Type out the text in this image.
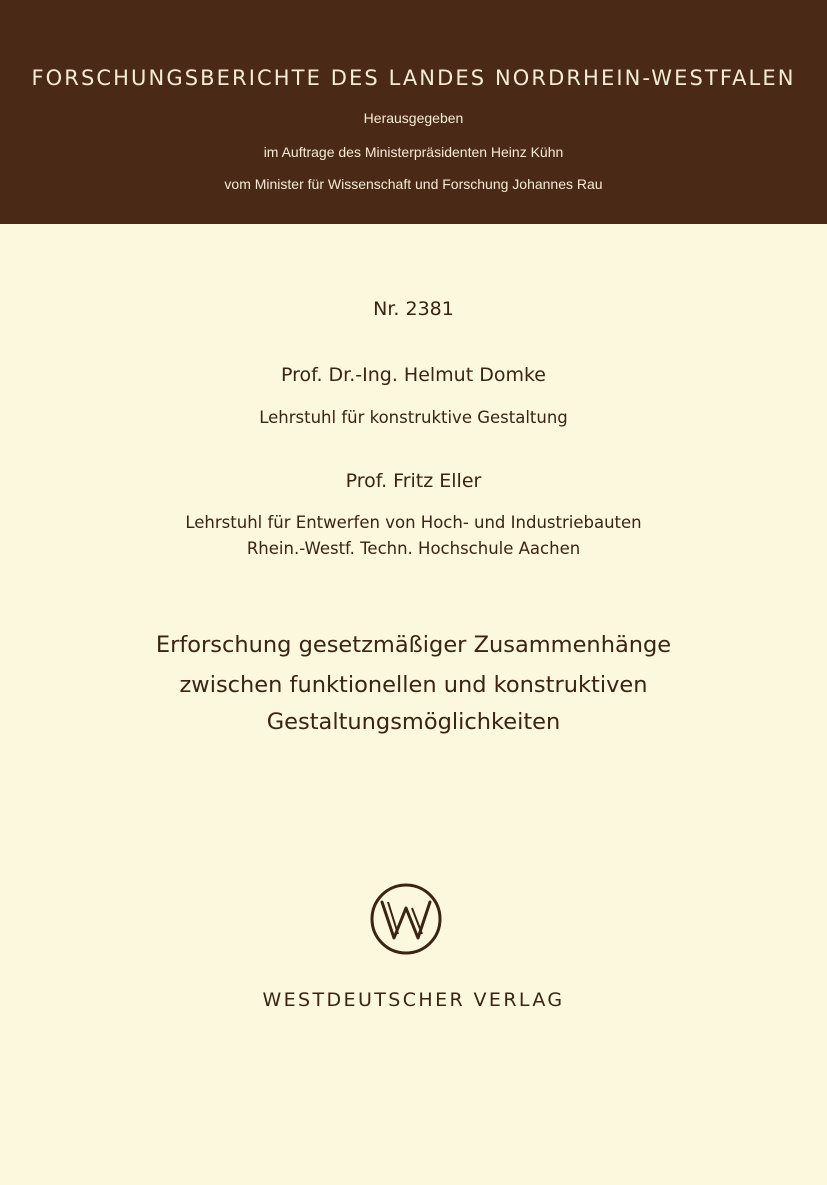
FORSCHUNGSBERICHTE DES LANDES NORDRHEIN-WESTFALEN
Herausgegeben
im Auftrage des Ministerpräsidenten Heinz Kühn
vom Minister für Wissenschaft und Forschung Johannes Rau
Nr. 2381
Prof. Dr.-Ing. Helmut Domke
Lehrstuhl für konstruktive Gestaltung
Prof. Fritz Eller
Lehrstuhl für Entwerfen von Hoch- und Industriebauten
Rhein.-Westf. Techn. Hochschule Aachen
Erforschung gesetzmäßiger Zusammenhänge
zwischen funktionellen und konstruktiven
Gestaltungsmöglichkeiten
WESTDEUTSCHER VERLAG
